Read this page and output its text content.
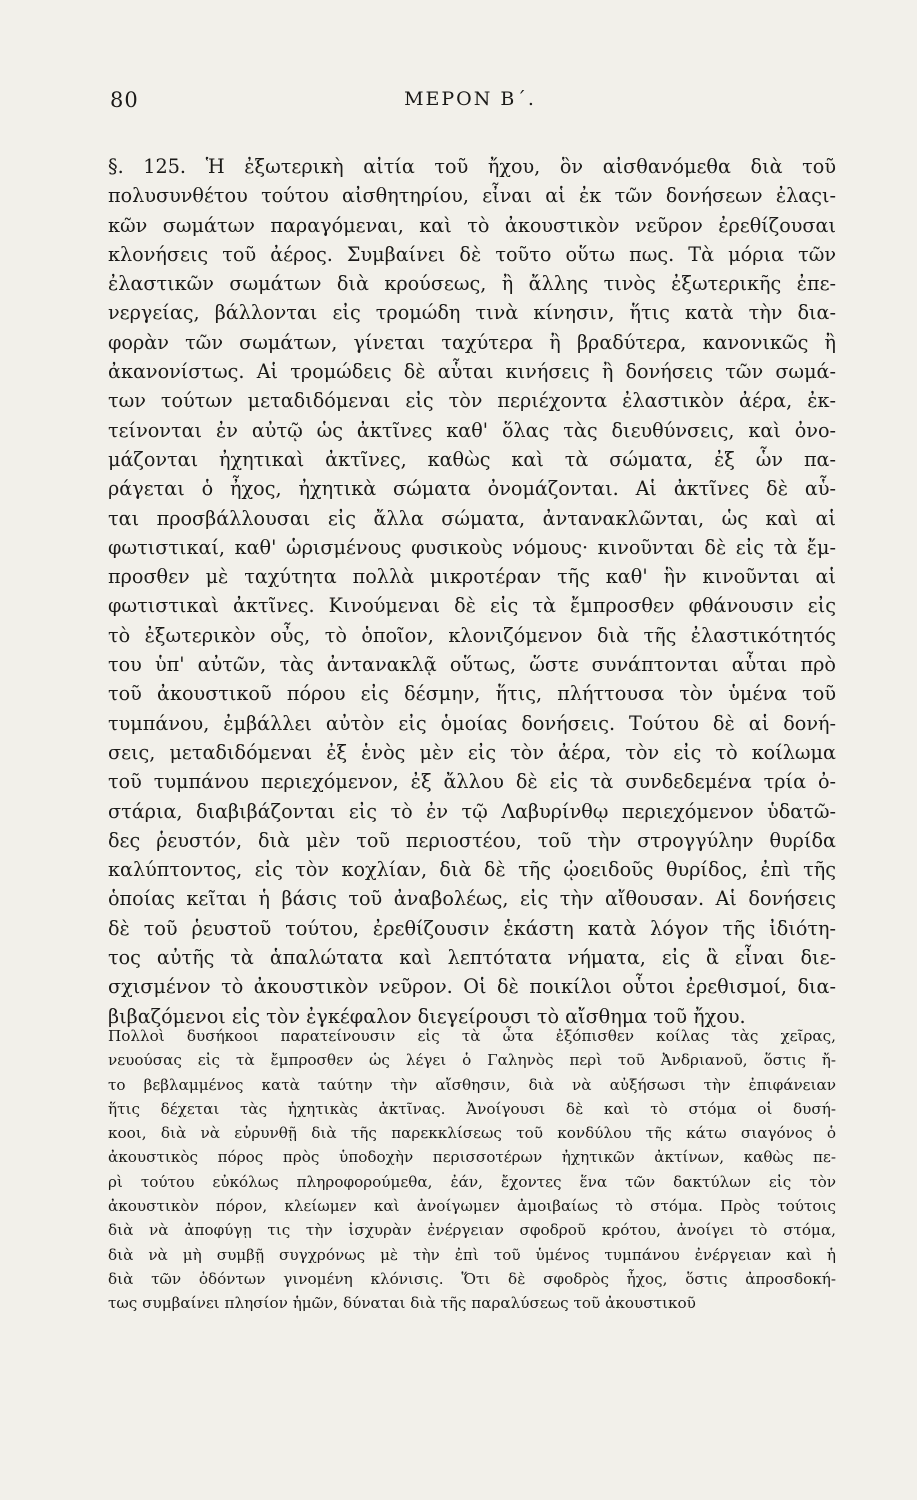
80	ΜΕΡΟΝ Β΄.
§. 125. Ἡ ἐξωτερικὴ αἰτία τοῦ ἤχου, ὃν αἰσθανόμεθα διὰ τοῦ
πολυσυνθέτου τούτου αἰσθητηρίου, εἶναι αἱ ἐκ τῶν δονήσεων ἐλαςι-
κῶν σωμάτων παραγόμεναι, καὶ τὸ ἀκουστικὸν νεῦρον ἐρεθίζουσαι
κλονήσεις τοῦ ἀέρος. Συμβαίνει δὲ τοῦτο οὕτω πως. Τὰ μόρια τῶν
ἐλαστικῶν σωμάτων διὰ κρούσεως, ἢ ἄλλης τινὸς ἐξωτερικῆς ἐπε-
νεργείας, βάλλονται εἰς τρομώδη τινὰ κίνησιν, ἥτις κατὰ τὴν δια-
φορὰν τῶν σωμάτων, γίνεται ταχύτερα ἢ βραδύτερα, κανονικῶς ἢ
ἀκανονίστως. Αἱ τρομώδεις δὲ αὗται κινήσεις ἢ δονήσεις τῶν σωμά-
των τούτων μεταδιδόμεναι εἰς τὸν περιέχοντα ἐλαστικὸν ἀέρα, ἐκ-
τείνονται ἐν αὐτῷ ὡς ἀκτῖνες καθ' ὅλας τὰς διευθύνσεις, καὶ ὀνο-
μάζονται ἠχητικαὶ ἀκτῖνες, καθὼς καὶ τὰ σώματα, ἐξ ὧν πα-
ράγεται ὁ ἦχος, ἠχητικὰ σώματα ὀνομάζονται. Αἱ ἀκτῖνες δὲ αὗ-
ται προσβάλλουσαι εἰς ἄλλα σώματα, ἀντανακλῶνται, ὡς καὶ αἱ
φωτιστικαί, καθ' ὡρισμένους φυσικοὺς νόμους· κινοῦνται δὲ εἰς τὰ ἔμ-
προσθεν μὲ ταχύτητα πολλὰ μικροτέραν τῆς καθ' ἣν κινοῦνται αἱ
φωτιστικαὶ ἀκτῖνες. Κινούμεναι δὲ εἰς τὰ ἔμπροσθεν φθάνουσιν εἰς
τὸ ἐξωτερικὸν οὖς, τὸ ὁποῖον, κλονιζόμενον διὰ τῆς ἐλαστικότητός
του ὑπ' αὐτῶν, τὰς ἀντανακλᾷ οὕτως, ὥστε συνάπτονται αὗται πρὸ
τοῦ ἀκουστικοῦ πόρου εἰς δέσμην, ἥτις, πλήττουσα τὸν ὑμένα τοῦ
τυμπάνου, ἐμβάλλει αὐτὸν εἰς ὁμοίας δονήσεις. Τούτου δὲ αἱ δονή-
σεις, μεταδιδόμεναι ἐξ ἑνὸς μὲν εἰς τὸν ἀέρα, τὸν εἰς τὸ κοίλωμα
τοῦ τυμπάνου περιεχόμενον, ἐξ ἄλλου δὲ εἰς τὰ συνδεδεμένα τρία ὀ-
στάρια, διαβιβάζονται εἰς τὸ ἐν τῷ Λαβυρίνθῳ περιεχόμενον ὑδατῶ-
δες ῥευστόν, διὰ μὲν τοῦ περιοστέου, τοῦ τὴν στρογγύλην θυρίδα
καλύπτοντος, εἰς τὸν κοχλίαν, διὰ δὲ τῆς ᾠοειδοῦς θυρίδος, ἐπὶ τῆς
ὁποίας κεῖται ἡ βάσις τοῦ ἀναβολέως, εἰς τὴν αἴθουσαν. Αἱ δονήσεις
δὲ τοῦ ῥευστοῦ τούτου, ἐρεθίζουσιν ἑκάστη κατὰ λόγον τῆς ἰδιότη-
τος αὐτῆς τὰ ἁπαλώτατα καὶ λεπτότατα νήματα, εἰς ἃ εἶναι διε-
σχισμένον τὸ ἀκουστικὸν νεῦρον. Οἱ δὲ ποικίλοι οὗτοι ἐρεθισμοί, δια-
βιβαζόμενοι εἰς τὸν ἐγκέφαλον διεγείρουσι τὸ αἴσθημα τοῦ ἤχου.
Πολλοὶ δυσήκοοι παρατείνουσιν εἰς τὰ ὦτα ἐξόπισθεν κοίλας τὰς χεῖρας,
νευούσας εἰς τὰ ἔμπροσθεν ὡς λέγει ὁ Γαληνὸς περὶ τοῦ Ἀνδριανοῦ, ὅστις ἤ-
το βεβλαμμένος κατὰ ταύτην τὴν αἴσθησιν, διὰ νὰ αὐξήσωσι τὴν ἐπιφάνειαν
ἥτις δέχεται τὰς ἠχητικὰς ἀκτῖνας. Ἀνοίγουσι δὲ καὶ τὸ στόμα οἱ δυσή-
κοοι, διὰ νὰ εὐρυνθῇ διὰ τῆς παρεκκλίσεως τοῦ κονδύλου τῆς κάτω σιαγόνος ὁ
ἀκουστικὸς πόρος πρὸς ὑποδοχὴν περισσοτέρων ἠχητικῶν ἀκτίνων, καθὼς πε-
ρὶ τούτου εὐκόλως πληροφορούμεθα, ἐάν, ἔχοντες ἕνα τῶν δακτύλων εἰς τὸν
ἀκουστικὸν πόρον, κλείωμεν καὶ ἀνοίγωμεν ἀμοιβαίως τὸ στόμα. Πρὸς τούτοις
διὰ νὰ ἀποφύγῃ τις τὴν ἰσχυρὰν ἐνέργειαν σφοδροῦ κρότου, ἀνοίγει τὸ στόμα,
διὰ νὰ μὴ συμβῇ συγχρόνως μὲ τὴν ἐπὶ τοῦ ὑμένος τυμπάνου ἐνέργειαν καὶ ἡ
διὰ τῶν ὀδόντων γινομένη κλόνισις. Ὅτι δὲ σφοδρὸς ἦχος, ὅστις ἀπροσδοκή-
τως συμβαίνει πλησίον ἡμῶν, δύναται διὰ τῆς παραλύσεως τοῦ ἀκουστικοῦ
